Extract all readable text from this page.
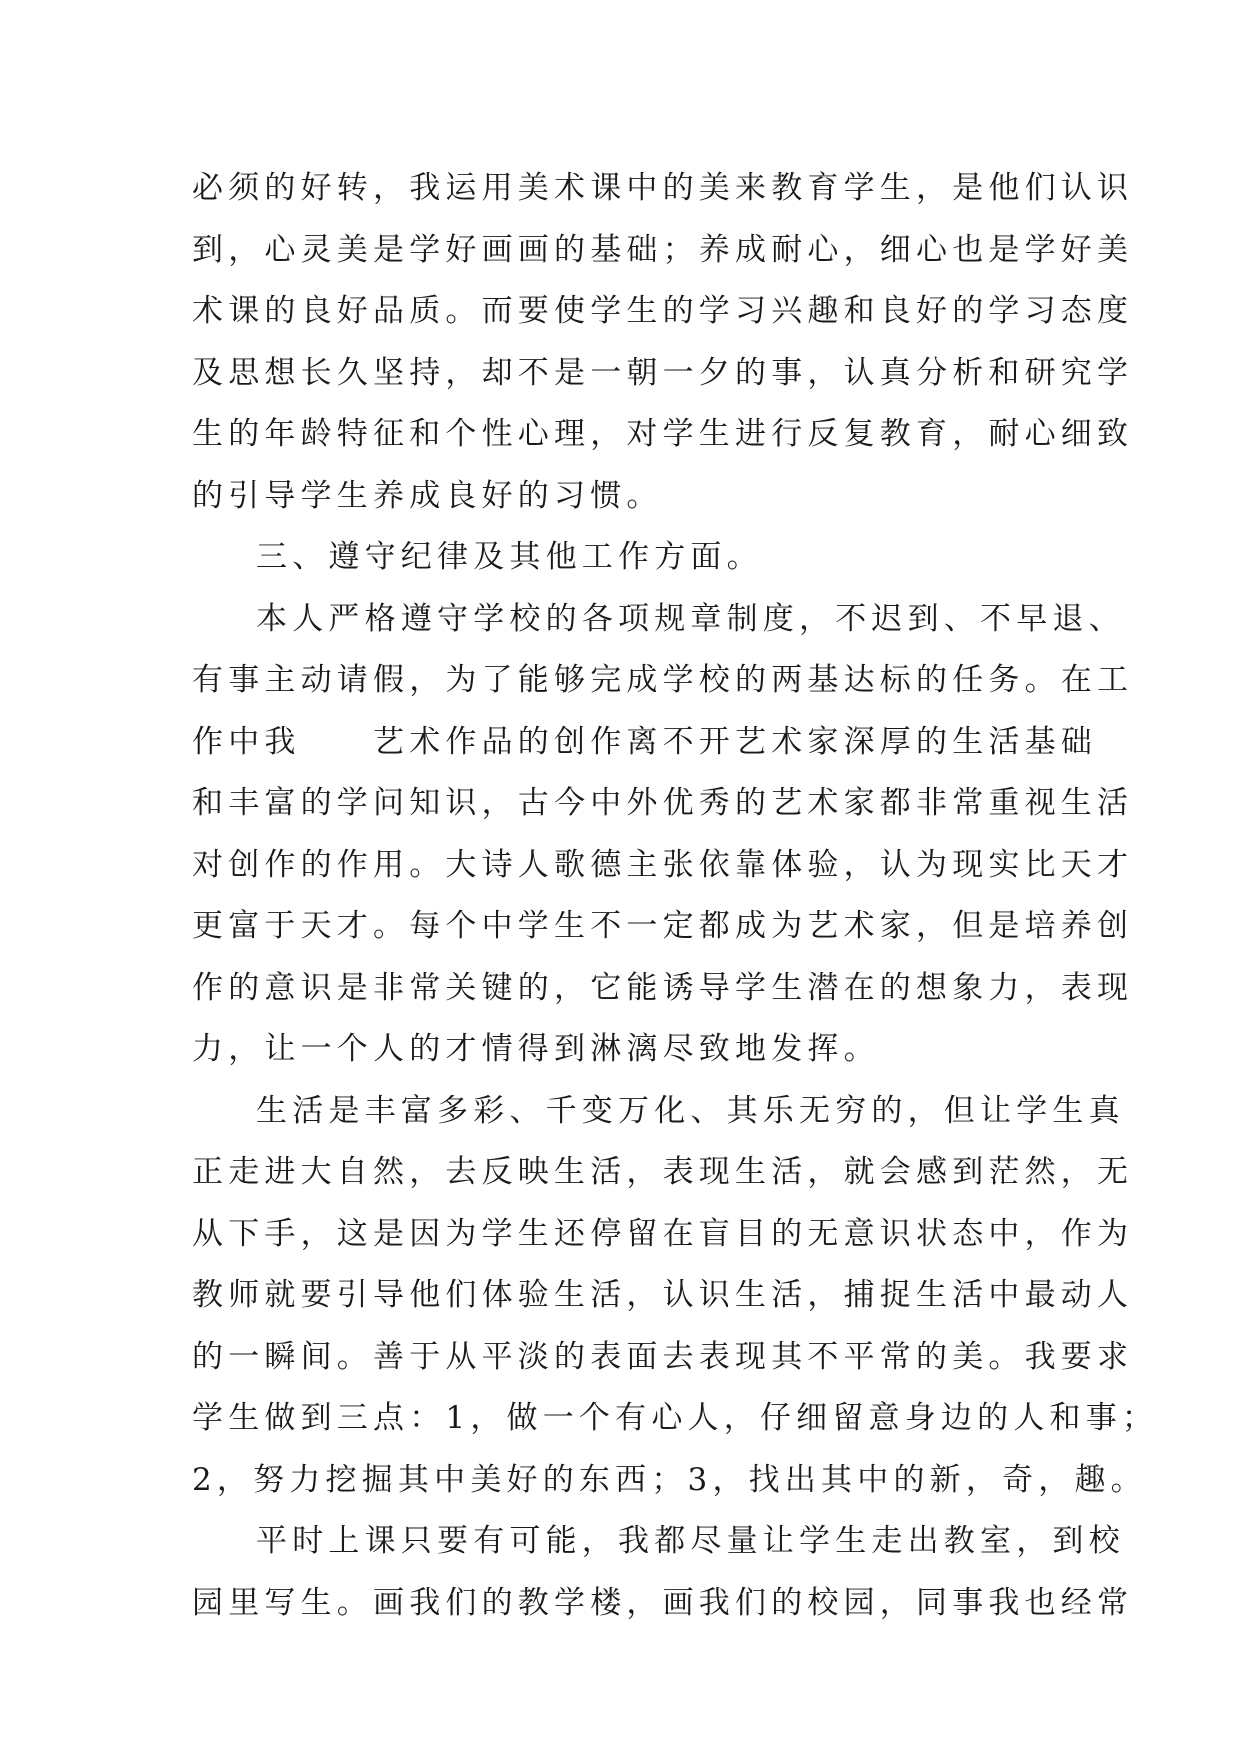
必须的好转，我运用美术课中的美来教育学生，是他们认识
到，心灵美是学好画画的基础；养成耐心，细心也是学好美
术课的良好品质。而要使学生的学习兴趣和良好的学习态度
及思想长久坚持，却不是一朝一夕的事，认真分析和研究学
生的年龄特征和个性心理，对学生进行反复教育，耐心细致
的引导学生养成良好的习惯。
三、遵守纪律及其他工作方面。
本人严格遵守学校的各项规章制度，不迟到、不早退、
有事主动请假，为了能够完成学校的两基达标的任务。在工
作中我　　艺术作品的创作离不开艺术家深厚的生活基础
和丰富的学问知识，古今中外优秀的艺术家都非常重视生活
对创作的作用。大诗人歌德主张依靠体验，认为现实比天才
更富于天才。每个中学生不一定都成为艺术家，但是培养创
作的意识是非常关键的，它能诱导学生潜在的想象力，表现
力，让一个人的才情得到淋漓尽致地发挥。
生活是丰富多彩、千变万化、其乐无穷的，但让学生真
正走进大自然，去反映生活，表现生活，就会感到茫然，无
从下手，这是因为学生还停留在盲目的无意识状态中，作为
教师就要引导他们体验生活，认识生活，捕捉生活中最动人
的一瞬间。善于从平淡的表面去表现其不平常的美。我要求
学生做到三点：1，做一个有心人，仔细留意身边的人和事；
2，努力挖掘其中美好的东西；3，找出其中的新，奇，趣。
平时上课只要有可能，我都尽量让学生走出教室，到校
园里写生。画我们的教学楼，画我们的校园，同事我也经常
